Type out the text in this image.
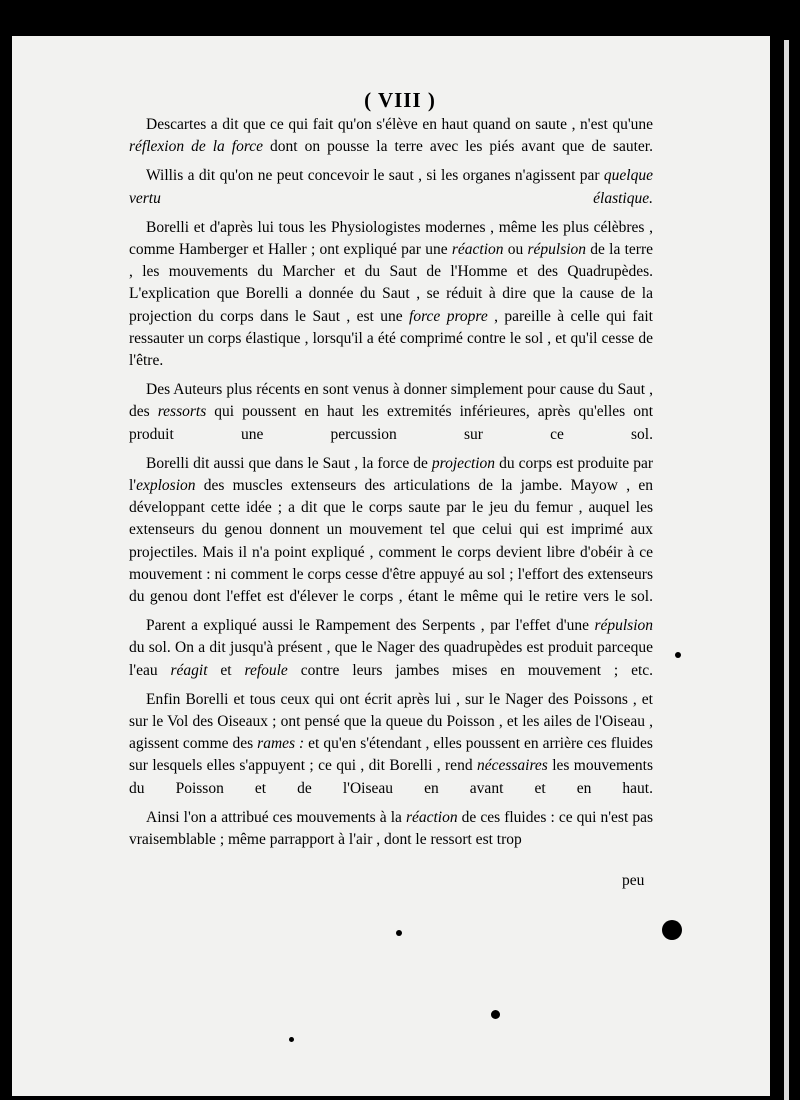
( VIII )

Descartes a dit que ce qui fait qu'on s'élève en haut quand on saute , n'est qu'une réflexion de la force dont on pousse la terre avec les piés avant que de sauter.

Willis a dit qu'on ne peut concevoir le saut , si les organes n'agissent par quelque vertu élastique.

Borelli et d'après lui tous les Physiologistes modernes , même les plus célèbres , comme Hamberger et Haller ; ont expliqué par une réaction ou répulsion de la terre , les mouvements du Marcher et du Saut de l'Homme et des Quadrupèdes. L'explication que Borelli a donnée du Saut , se réduit à dire que la cause de la projection du corps dans le Saut , est une force propre , pareille à celle qui fait ressauter un corps élastique , lorsqu'il a été comprimé contre le sol , et qu'il cesse de l'être.

Des Auteurs plus récents en sont venus à donner simplement pour cause du Saut , des ressorts qui poussent en haut les extremités inférieures, après qu'elles ont produit une percussion sur ce sol.

Borelli dit aussi que dans le Saut , la force de projection du corps est produite par l'explosion des muscles extenseurs des articulations de la jambe. Mayow , en développant cette idée ; a dit que le corps saute par le jeu du femur , auquel les extenseurs du genou donnent un mouvement tel que celui qui est imprimé aux projectiles. Mais il n'a point expliqué , comment le corps devient libre d'obéir à ce mouvement : ni comment le corps cesse d'être appuyé au sol ; l'effort des extenseurs du genou dont l'effet est d'élever le corps , étant le même qui le retire vers le sol.

Parent a expliqué aussi le Rampement des Serpents , par l'effet d'une répulsion du sol. On a dit jusqu'à présent , que le Nager des quadrupèdes est produit parceque l'eau réagit et refoule contre leurs jambes mises en mouvement ; etc.

Enfin Borelli et tous ceux qui ont écrit après lui , sur le Nager des Poissons , et sur le Vol des Oiseaux ; ont pensé que la queue du Poisson , et les ailes de l'Oiseau , agissent comme des rames : et qu'en s'étendant , elles poussent en arrière ces fluides sur lesquels elles s'appuyent ; ce qui , dit Borelli , rend nécessaires les mouvements du Poisson et de l'Oiseau en avant et en haut.

Ainsi l'on a attribué ces mouvements à la réaction de ces fluides : ce qui n'est pas vraisemblable ; même parrapport à l'air , dont le ressort est trop

peu
